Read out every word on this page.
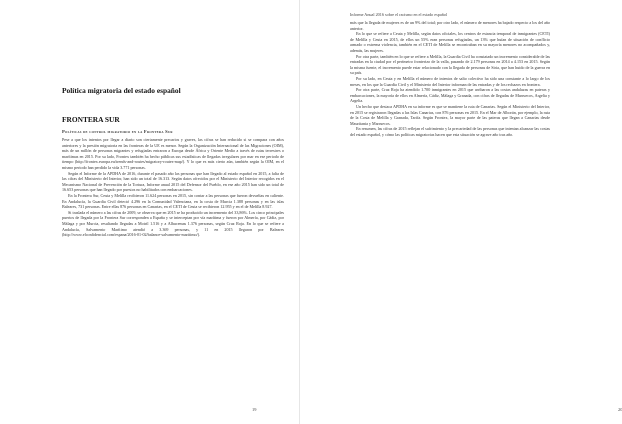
Política migratoria del estado español
FRONTERA SUR
Políticas de control migratorio en la Frontera Sur

Pese a que los intentos por llegar a diario son ciertamente precarios y graves, las cifras se han reducido si se compara con años anteriores y la presión migratoria en las fronteras de la UE es menor. Según la Organización Internacional de las Migraciones (OIM), más de un millón de personas migrantes y refugiadas entraron a Europa desde África y Oriente Medio a través de rutas terrestres o marítimas en 2015. Por su lado, Frontex también ha hecho públicas sus estadísticas de llegadas irregulares por mar en ese periodo de tiempo (http://frontex.europa.eu/trends-and-routes/migratory-routes-map/). Y lo que es más cierto aún, también según la OIM, en el mismo periodo han perdido la vida 3.771 personas.

Según el Informe de la APDHA de 2016, durante el pasado año las personas que han llegado al estado español en 2015, a falta de las cifras del Ministerio del Interior, han sido un total de 16.313. Según datos ofrecidos por el Ministerio del Interior recogidos en el Mecanismo Nacional de Prevención de la Tortura, Informe anual 2015 del Defensor del Pueblo, en ese año 2015 han sido un total de 16.653 personas que han llegado por puestos no habilitados con embarcaciones.

En la Frontera Sur, Ceuta y Melilla recibieron 11.624 personas en 2015, sin contar a las personas que fueron devueltas en caliente. En Andalucía, la Guardia Civil detectó 4.296 en la Comunidad Valenciana, en la costa de Murcia 1.388 personas y en las islas Baleares, 731 personas. Entre ellas 876 personas en Canarias, en el CETI de Ceuta se recibieron 12.955 y en el de Melilla 8.927.

Si traslada el número a las cifras de 2009, se observa que en 2015 se ha producido un incremento del 33,86%. Los cinco principales puertos de llegada por la Frontera Sur corresponden a España y se interceptan por vía marítima y fueron por Almería, por Cádiz, por Málaga y por Murcia, resultando llegadas a Motril 1.516 y a Alhucemas 1.376 personas, según Cruz Roja. En lo que se refiere a Andalucía, Salvamento Marítimo atendió a 3.369 personas, y 11 en 2015 llegaron por Baleares (http://www.elconfidencial.com/espana/2016-01-02/balance-salvamento-maritimo/).

19	20
Informe Anual 2016 sobre el racismo en el estado español

más que la llegada de mujeres es de un 9% del total; por otro lado, el número de menores ha bajado respecto a los del año anterior.

En lo que se refiere a Ceuta y Melilla, según datos oficiales, los centros de estancia temporal de inmigrantes (CETI) de Melilla y Ceuta en 2015, de ellos un 55% eran personas refugiadas, un 13% que huían de situación de conflicto armado o extrema violencia, también en el CETI de Melilla se encontraban en su mayoría menores no acompañados y, además, las mujeres.

Por otra parte, también en lo que se refiere a Melilla, la Guardia Civil ha constatado un incremento considerable de las entradas en la ciudad por el perímetro fronterizo de la valla, pasando de 2.179 personas en 2014 a 4.153 en 2015. Según la misma fuente, el incremento puede estar relacionado con la llegada de personas de Siria, que han huido de la guerra en su país.

Por su lado, en Ceuta y en Melilla el número de intentos de salto colectivo ha sido una constante a lo largo de los meses, en los que la Guardia Civil y el Ministerio del Interior informan de las entradas y de los rechazos en frontera.

Por otra parte, Cruz Roja ha atendido 1.700 inmigrantes en 2015 que arribaron a las costas andaluzas en pateras y embarcaciones, la mayoría de ellos en Almería, Cádiz, Málaga y Granada, con cifras de llegadas de Marruecos, Argelia y Argelia.

Un hecho que destaca APDHA en su informe es que se mantiene la ruta de Canarias. Según el Ministerio del Interior, en 2015 se registraron llegadas a las Islas Canarias, con 876 personas en 2015. En el Mar de Alborán, por ejemplo, la ruta de la Costa de Melilla y Granada, Tarifa. Según Frontex, la mayor parte de las pateras que llegan a Canarias desde Mauritania y Marruecos.

En resumen, las cifras de 2015 reflejan el sufrimiento y la precariedad de las personas que intentan alcanzar las costas del estado español, y cómo las políticas migratorias hacen que esta situación se agrave año tras año.
